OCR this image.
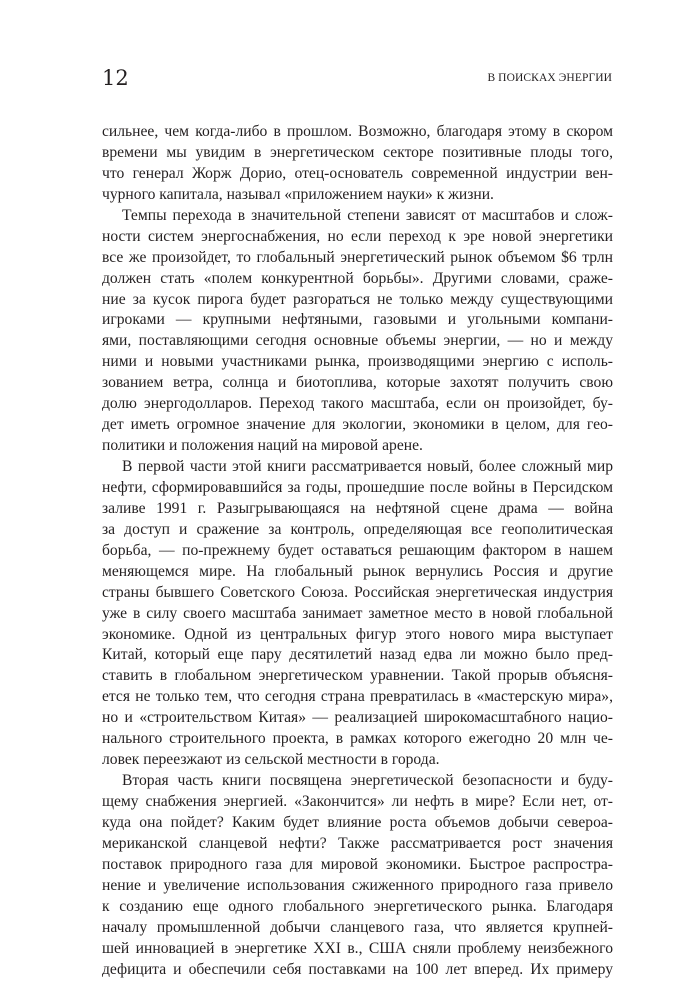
12	В ПОИСКАХ ЭНЕРГИИ
сильнее, чем когда-либо в прошлом. Возможно, благодаря этому в скором
времени мы увидим в энергетическом секторе позитивные плоды того,
что генерал Жорж Дорио, отец-основатель современной индустрии вен-
чурного капитала, называл «приложением науки» к жизни.
Темпы перехода в значительной степени зависят от масштабов и слож-
ности систем энергоснабжения, но если переход к эре новой энергетики
все же произойдет, то глобальный энергетический рынок объемом $6 трлн
должен стать «полем конкурентной борьбы». Другими словами, сраже-
ние за кусок пирога будет разгораться не только между существующими
игроками — крупными нефтяными, газовыми и угольными компани-
ями, поставляющими сегодня основные объемы энергии, — но и между
ними и новыми участниками рынка, производящими энергию с исполь-
зованием ветра, солнца и биотоплива, которые захотят получить свою
долю энергодолларов. Переход такого масштаба, если он произойдет, бу-
дет иметь огромное значение для экологии, экономики в целом, для гео-
политики и положения наций на мировой арене.
В первой части этой книги рассматривается новый, более сложный мир
нефти, сформировавшийся за годы, прошедшие после войны в Персидском
заливе 1991 г. Разыгрывающаяся на нефтяной сцене драма — война
за доступ и сражение за контроль, определяющая все геополитическая
борьба, — по-прежнему будет оставаться решающим фактором в нашем
меняющемся мире. На глобальный рынок вернулись Россия и другие
страны бывшего Советского Союза. Российская энергетическая индустрия
уже в силу своего масштаба занимает заметное место в новой глобальной
экономике. Одной из центральных фигур этого нового мира выступает
Китай, который еще пару десятилетий назад едва ли можно было пред-
ставить в глобальном энергетическом уравнении. Такой прорыв объясня-
ется не только тем, что сегодня страна превратилась в «мастерскую мира»,
но и «строительством Китая» — реализацией широкомасштабного нацио-
нального строительного проекта, в рамках которого ежегодно 20 млн че-
ловек переезжают из сельской местности в города.
Вторая часть книги посвящена энергетической безопасности и буду-
щему снабжения энергией. «Закончится» ли нефть в мире? Если нет, от-
куда она пойдет? Каким будет влияние роста объемов добычи североа-
мериканской сланцевой нефти? Также рассматривается рост значения
поставок природного газа для мировой экономики. Быстрое распростра-
нение и увеличение использования сжиженного природного газа привело
к созданию еще одного глобального энергетического рынка. Благодаря
началу промышленной добычи сланцевого газа, что является крупней-
шей инновацией в энергетике XXI в., США сняли проблему неизбежного
дефицита и обеспечили себя поставками на 100 лет вперед. Их примеру
